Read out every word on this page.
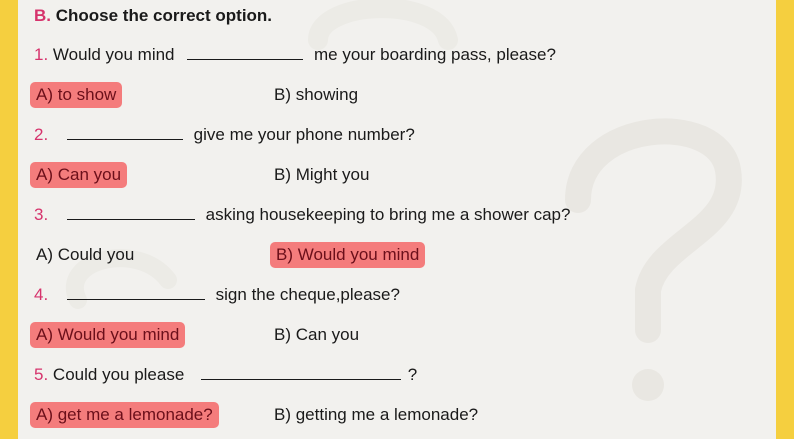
B. Choose the correct option.
1. Would you mind	me your boarding pass, please?
A) to show	B) showing
2.	give me your phone number?
A) Can you	B) Might you
3.	asking housekeeping to bring me a shower cap?
A) Could you	B) Would you mind
4.	sign the cheque,please?
A) Would you mind	B) Can you
5. Could you please	?
A) get me a lemonade?	B) getting me a lemonade?
